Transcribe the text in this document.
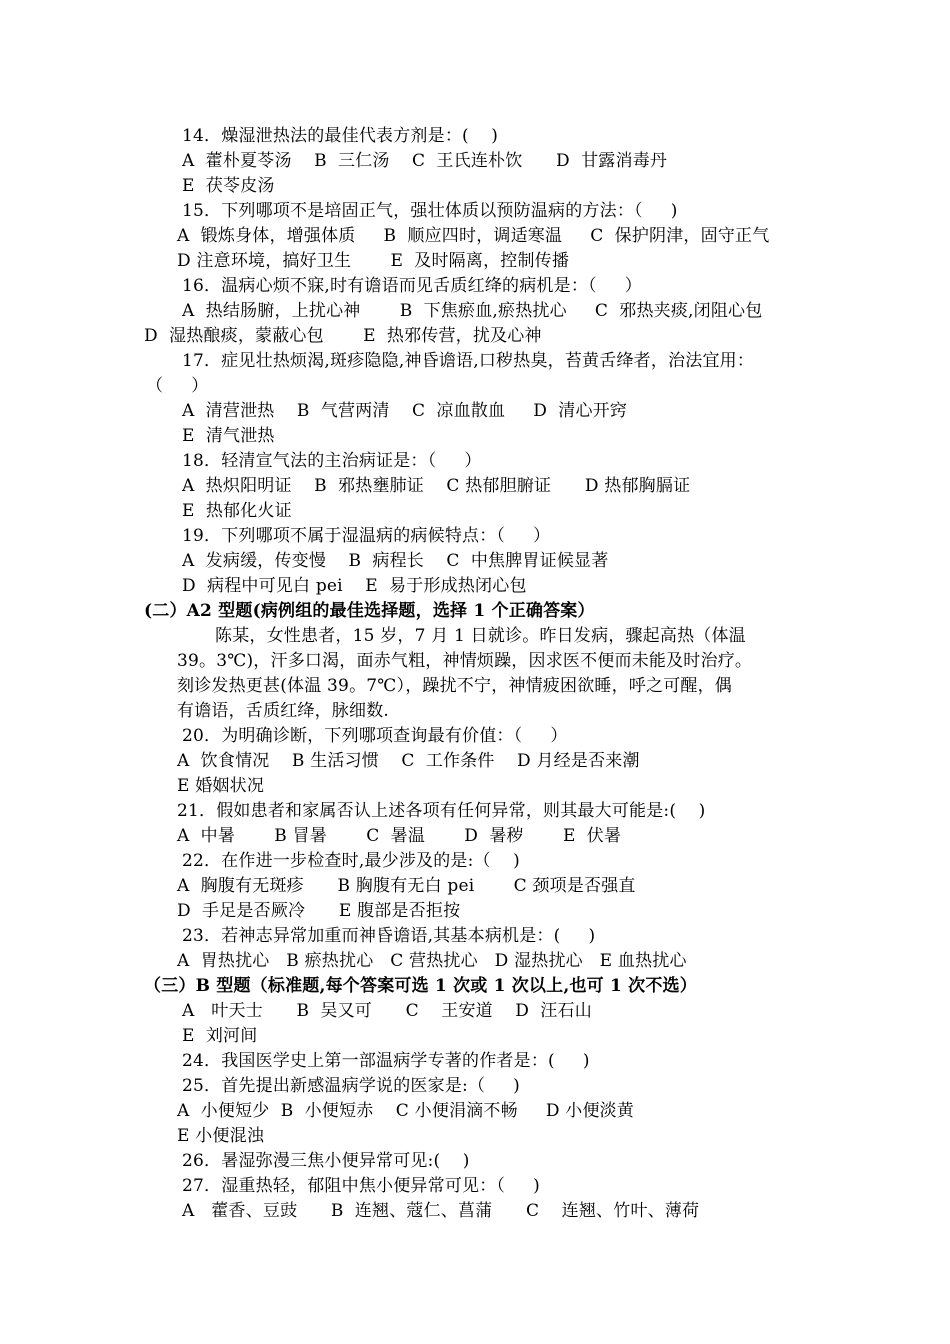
14．燥湿泄热法的最佳代表方剂是：(    )
A  藿朴夏苓汤    B  三仁汤    C  王氏连朴饮      D  甘露消毒丹
E  茯苓皮汤
15．下列哪项不是培固正气，强壮体质以预防温病的方法：（     )
A  锻炼身体，增强体质     B  顺应四时，调适寒温     C  保护阴津，固守正气
D 注意环境，搞好卫生       E  及时隔离，控制传播
16．温病心烦不寐,时有谵语而见舌质红绛的病机是：（     ）
A  热结肠腑，上扰心神       B  下焦瘀血,瘀热扰心     C  邪热夹痰,闭阻心包
D  湿热酿痰，蒙蔽心包       E  热邪传营，扰及心神
17．症见壮热烦渴,斑疹隐隐,神昏谵语,口秽热臭，苔黄舌绛者，治法宜用：
（     ）
A  清营泄热    B  气营两清    C  凉血散血     D  清心开窍
E  清气泄热
18．轻清宣气法的主治病证是：（     ）
A  热炽阳明证    B  邪热壅肺证    C 热郁胆腑证      D 热郁胸膈证
E  热郁化火证
19．下列哪项不属于湿温病的病候特点：（     ）
A  发病缓，传变慢    B  病程长    C  中焦脾胃证候显著
D  病程中可见白 pei    E  易于形成热闭心包
(二）A2 型题(病例组的最佳选择题，选择 1 个正确答案）
陈某，女性患者，15 岁，7 月 1 日就诊。昨日发病，骤起高热（体温
39。3℃)，汗多口渴，面赤气粗，神情烦躁，因求医不便而未能及时治疗。
刻诊发热更甚(体温 39。7℃），躁扰不宁，神情疲困欲睡，呼之可醒，偶
有谵语，舌质红绛，脉细数.
20．为明确诊断，下列哪项查询最有价值：（     ）
A  饮食情况    B 生活习惯    C  工作条件    D 月经是否来潮
E 婚姻状况
21．假如患者和家属否认上述各项有任何异常，则其最大可能是:(    )
A  中暑       B 冒暑       C  暑温       D  暑秽       E  伏暑
22．在作进一步检查时,最少涉及的是:（    )
A  胸腹有无斑疹      B 胸腹有无白 pei       C 颈项是否强直
D  手足是否厥冷      E 腹部是否拒按
23．若神志异常加重而神昏谵语,其基本病机是：(     )
A  胃热扰心   B 瘀热扰心   C 营热扰心   D 湿热扰心   E 血热扰心
（三）B 型题（标准题,每个答案可选 1 次或 1 次以上,也可 1 次不选）
A   叶天士      B  吴又可      C    王安道    D  汪石山
E  刘河间
24．我国医学史上第一部温病学专著的作者是：(     )
25．首先提出新感温病学说的医家是:（     )
A  小便短少  B  小便短赤    C 小便涓滴不畅     D 小便淡黄
E 小便混浊
26．暑湿弥漫三焦小便异常可见:(    )
27．湿重热轻，郁阻中焦小便异常可见：（     )
A   藿香、豆豉      B  连翘、蔻仁、菖蒲      C    连翘、竹叶、薄荷
